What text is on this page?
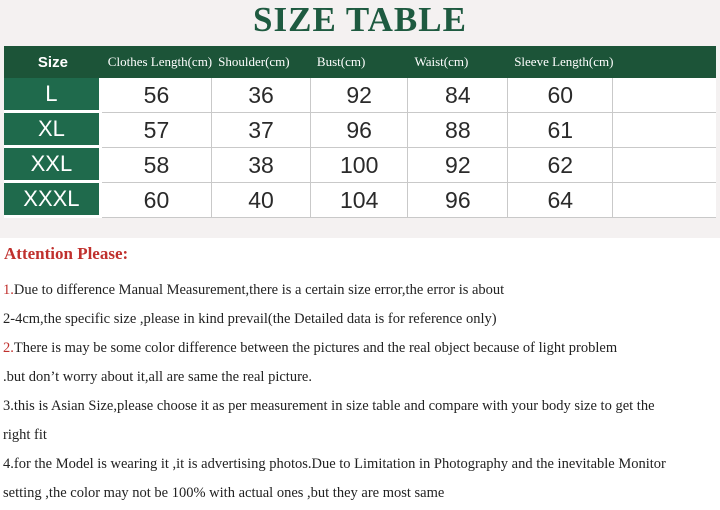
SIZE TABLE
Size	Clothes Length(cm)	Shoulder(cm)	Bust(cm)	Waist(cm)	Sleeve Length(cm)	
L	56	36	92	84	60	
XL	57	37	96	88	61	
XXL	58	38	100	92	62	
XXXL	60	40	104	96	64	
Attention Please:
1.Due to difference Manual Measurement,there is a certain size error,the error is about
2-4cm,the specific size ,please in kind prevail(the Detailed data is for reference only)
2.There is may be some color difference between the pictures and the real object because of light problem
.but don’t worry about it,all are same the real picture.
3.this is Asian Size,please choose it as per measurement in size table and compare with your body size to get the
right fit
4.for the Model is wearing it ,it is advertising photos.Due to Limitation in Photography and the inevitable Monitor
setting ,the color may not be 100% with actual ones ,but they are most same
